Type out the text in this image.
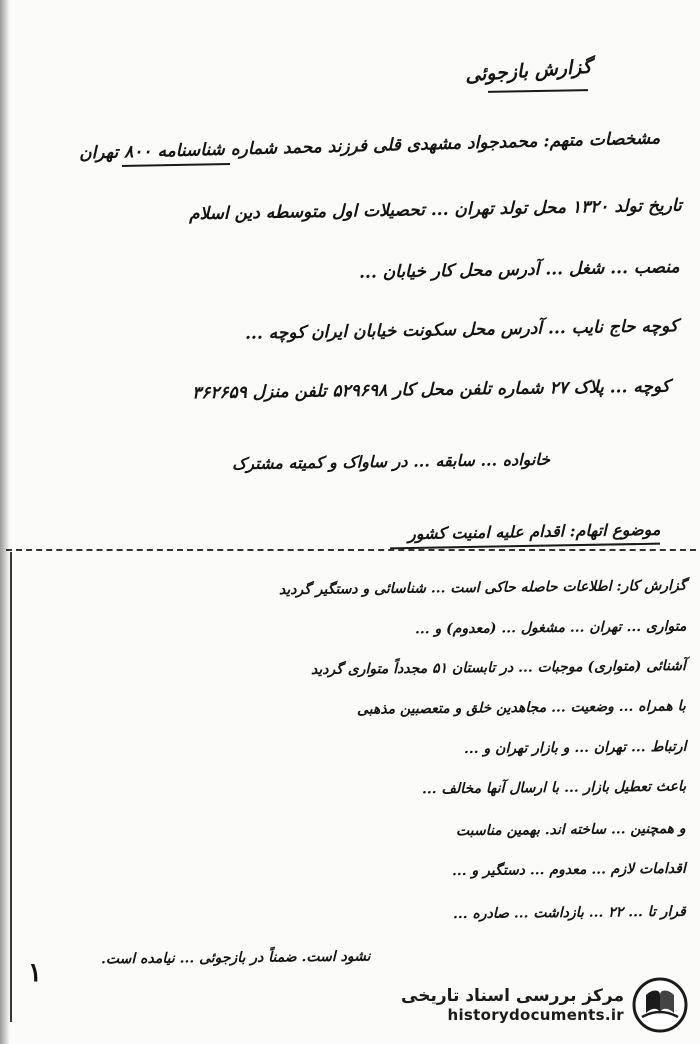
گزارش بازجوئی
مشخصات متهم: محمدجواد مشهدی‌ قلی فرزند محمد شماره شناسنامه ۸۰۰ تهران
تاریخ تولد ۱۳۲۰ محل تولد تهران ... تحصیلات اول متوسطه دین اسلام
منصب ... شغل ... آدرس محل کار خیابان ...
کوچه حاج نایب ... آدرس محل سکونت خیابان ایران کوچه ...
کوچه ... پلاک ۲۷ شماره تلفن محل کار ۵۲۹۶۹۸ تلفن منزل ۳۶۲۶۵۹
خانواده ... سابقه ... در ساواک و کمیته مشترک
موضوع اتهام: اقدام علیه امنیت کشور
گزارش کار: اطلاعات حاصله حاکی است ... شناسائی و دستگیر گردید
متواری ... تهران ... مشغول ... (معدوم) و ...
آشنائی (متواری) موجبات ... در تابستان ۵۱ مجدداً متواری گردید
با همراه ... وضعیت ... مجاهدین خلق و متعصبین مذهبی
ارتباط ... تهران ... و بازار تهران و ...
باعث تعطیل بازار ... با ارسال آنها مخالف ...
و همچنین ... ساخته اند. بهمین مناسبت
اقدامات لازم ... معدوم ... دستگیر و ...
قرار تا ... ۲۲ ... بازداشت ... صادره ...
نشود است. ضمناً در بازجوئی ... نیامده است.
۱
مرکز بررسی اسناد تاریخی
historydocuments.ir
